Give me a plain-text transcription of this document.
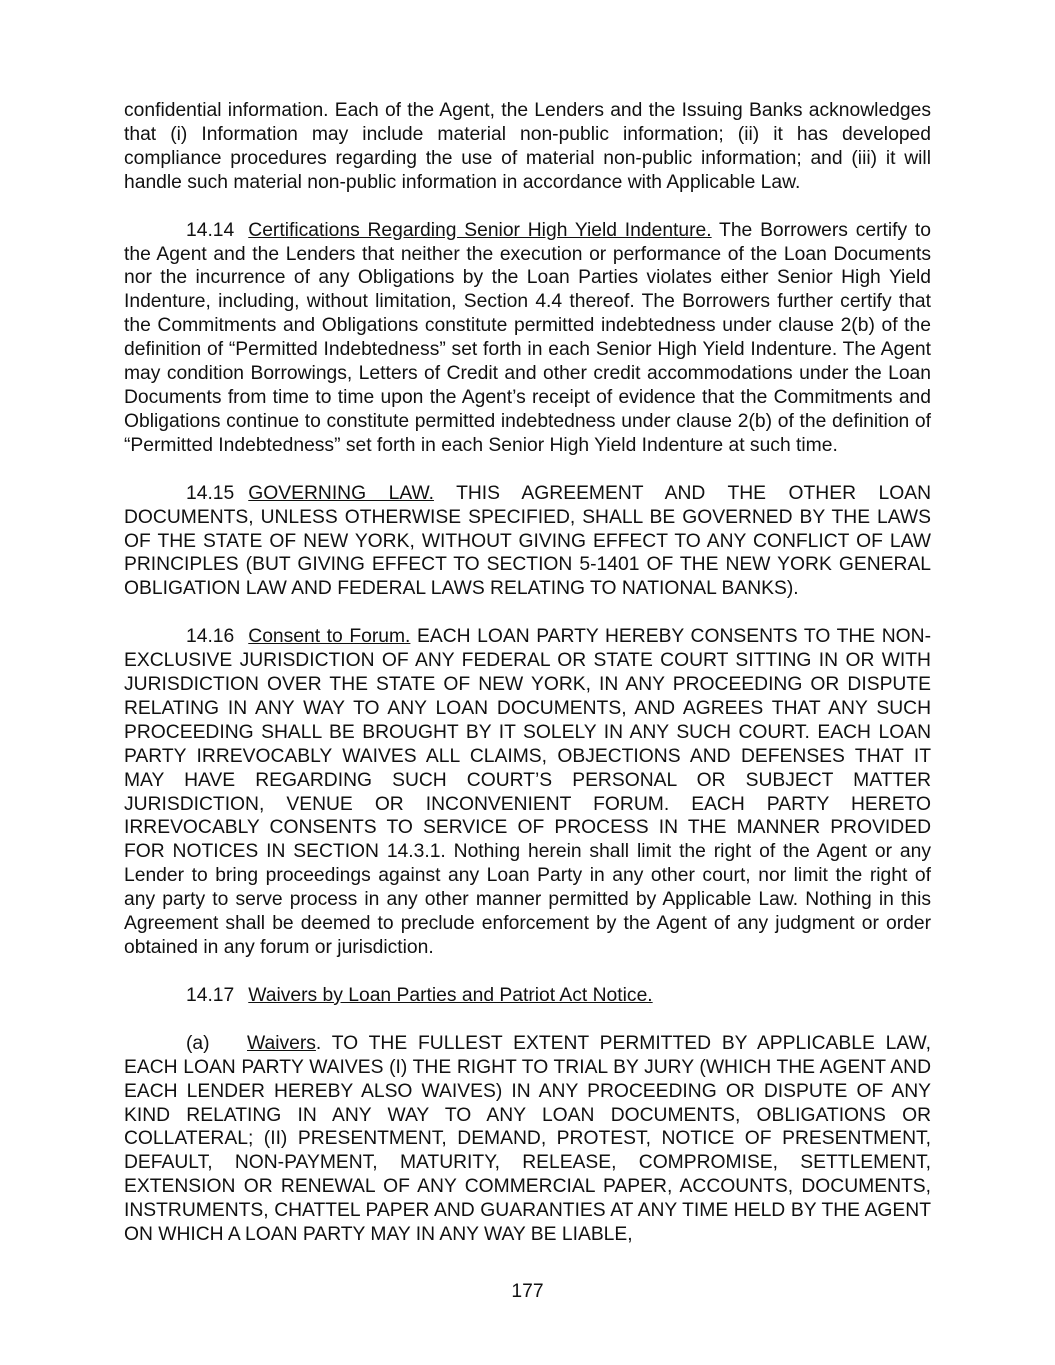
confidential information. Each of the Agent, the Lenders and the Issuing Banks acknowledges that (i) Information may include material non-public information; (ii) it has developed compliance procedures regarding the use of material non-public information; and (iii) it will handle such material non-public information in accordance with Applicable Law.

14.14 Certifications Regarding Senior High Yield Indenture. The Borrowers certify to the Agent and the Lenders that neither the execution or performance of the Loan Documents nor the incurrence of any Obligations by the Loan Parties violates either Senior High Yield Indenture, including, without limitation, Section 4.4 thereof. The Borrowers further certify that the Commitments and Obligations constitute permitted indebtedness under clause 2(b) of the definition of “Permitted Indebtedness” set forth in each Senior High Yield Indenture. The Agent may condition Borrowings, Letters of Credit and other credit accommodations under the Loan Documents from time to time upon the Agent’s receipt of evidence that the Commitments and Obligations continue to constitute permitted indebtedness under clause 2(b) of the definition of “Permitted Indebtedness” set forth in each Senior High Yield Indenture at such time.

14.15 GOVERNING LAW. THIS AGREEMENT AND THE OTHER LOAN DOCUMENTS, UNLESS OTHERWISE SPECIFIED, SHALL BE GOVERNED BY THE LAWS OF THE STATE OF NEW YORK, WITHOUT GIVING EFFECT TO ANY CONFLICT OF LAW PRINCIPLES (BUT GIVING EFFECT TO SECTION 5-1401 OF THE NEW YORK GENERAL OBLIGATION LAW AND FEDERAL LAWS RELATING TO NATIONAL BANKS).

14.16 Consent to Forum. EACH LOAN PARTY HEREBY CONSENTS TO THE NON-EXCLUSIVE JURISDICTION OF ANY FEDERAL OR STATE COURT SITTING IN OR WITH JURISDICTION OVER THE STATE OF NEW YORK, IN ANY PROCEEDING OR DISPUTE RELATING IN ANY WAY TO ANY LOAN DOCUMENTS, AND AGREES THAT ANY SUCH PROCEEDING SHALL BE BROUGHT BY IT SOLELY IN ANY SUCH COURT. EACH LOAN PARTY IRREVOCABLY WAIVES ALL CLAIMS, OBJECTIONS AND DEFENSES THAT IT MAY HAVE REGARDING SUCH COURT’S PERSONAL OR SUBJECT MATTER JURISDICTION, VENUE OR INCONVENIENT FORUM. EACH PARTY HERETO IRREVOCABLY CONSENTS TO SERVICE OF PROCESS IN THE MANNER PROVIDED FOR NOTICES IN SECTION 14.3.1. Nothing herein shall limit the right of the Agent or any Lender to bring proceedings against any Loan Party in any other court, nor limit the right of any party to serve process in any other manner permitted by Applicable Law. Nothing in this Agreement shall be deemed to preclude enforcement by the Agent of any judgment or order obtained in any forum or jurisdiction.

14.17 Waivers by Loan Parties and Patriot Act Notice.

(a) Waivers. TO THE FULLEST EXTENT PERMITTED BY APPLICABLE LAW, EACH LOAN PARTY WAIVES (I) THE RIGHT TO TRIAL BY JURY (WHICH THE AGENT AND EACH LENDER HEREBY ALSO WAIVES) IN ANY PROCEEDING OR DISPUTE OF ANY KIND RELATING IN ANY WAY TO ANY LOAN DOCUMENTS, OBLIGATIONS OR COLLATERAL; (II) PRESENTMENT, DEMAND, PROTEST, NOTICE OF PRESENTMENT, DEFAULT, NON-PAYMENT, MATURITY, RELEASE, COMPROMISE, SETTLEMENT, EXTENSION OR RENEWAL OF ANY COMMERCIAL PAPER, ACCOUNTS, DOCUMENTS, INSTRUMENTS, CHATTEL PAPER AND GUARANTIES AT ANY TIME HELD BY THE AGENT ON WHICH A LOAN PARTY MAY IN ANY WAY BE LIABLE,

177
